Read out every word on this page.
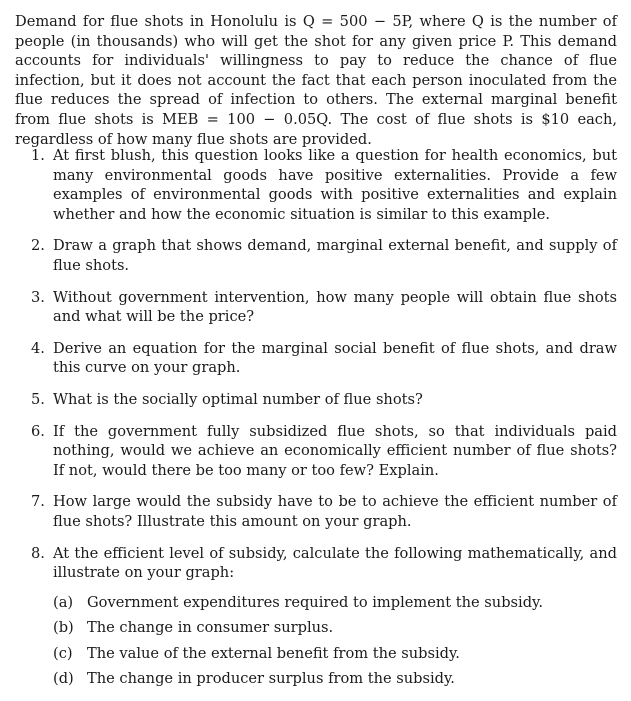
Demand for flue shots in Honolulu is Q = 500 − 5P, where Q is the number of people (in thousands) who will get the shot for any given price P. This demand accounts for individuals' willingness to pay to reduce the chance of flue infection, but it does not account the fact that each person inoculated from the flue reduces the spread of infection to others. The external marginal benefit from flue shots is MEB = 100 − 0.05Q. The cost of flue shots is $10 each, regardless of how many flue shots are provided.

1. At first blush, this question looks like a question for health economics, but many environmental goods have positive externalities. Provide a few examples of environmental goods with positive externalities and explain whether and how the economic situation is similar to this example.
2. Draw a graph that shows demand, marginal external benefit, and supply of flue shots.
3. Without government intervention, how many people will obtain flue shots and what will be the price?
4. Derive an equation for the marginal social benefit of flue shots, and draw this curve on your graph.
5. What is the socially optimal number of flue shots?
6. If the government fully subsidized flue shots, so that individuals paid nothing, would we achieve an economically efficient number of flue shots? If not, would there be too many or too few? Explain.
7. How large would the subsidy have to be to achieve the efficient number of flue shots? Illustrate this amount on your graph.
8. At the efficient level of subsidy, calculate the following mathematically, and illustrate on your graph:
(a) Government expenditures required to implement the subsidy.
(b) The change in consumer surplus.
(c) The value of the external benefit from the subsidy.
(d) The change in producer surplus from the subsidy.
